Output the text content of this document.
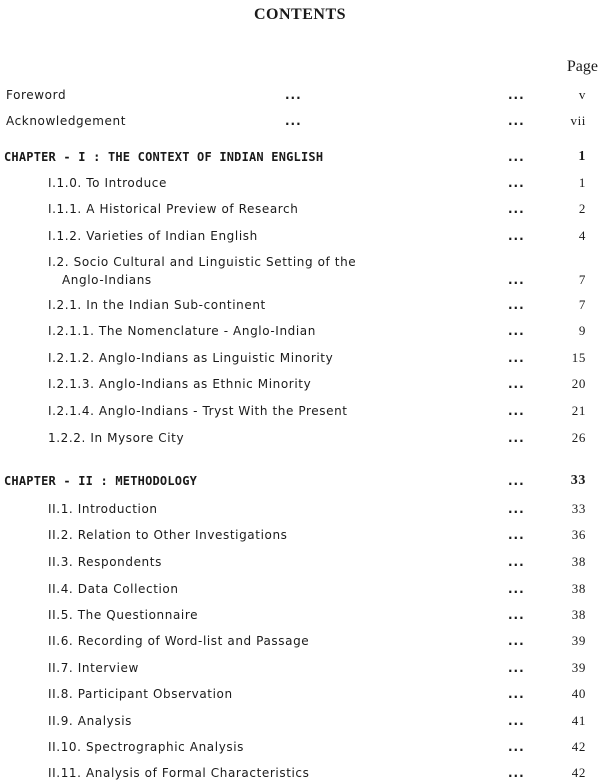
CONTENTS
Page
Foreword	...	...	v
Acknowledgement	...	...	vii
CHAPTER - I : THE CONTEXT OF INDIAN ENGLISH	...	1
I.1.0. To Introduce	...	1
I.1.1. A Historical Preview of Research	...	2
I.1.2. Varieties of Indian English	...	4
I.2. Socio Cultural and Linguistic Setting of the
Anglo-Indians	...	7
I.2.1. In the Indian Sub-continent	...	7
I.2.1.1. The Nomenclature - Anglo-Indian	...	9
I.2.1.2. Anglo-Indians as Linguistic Minority	...	15
I.2.1.3. Anglo-Indians as Ethnic Minority	...	20
I.2.1.4. Anglo-Indians - Tryst With the Present	...	21
1.2.2. In Mysore City	...	26
CHAPTER - II : METHODOLOGY	...	33
II.1. Introduction	...	33
II.2. Relation to Other Investigations	...	36
II.3. Respondents	...	38
II.4. Data Collection	...	38
II.5. The Questionnaire	...	38
II.6. Recording of Word-list and Passage	...	39
II.7. Interview	...	39
II.8. Participant Observation	...	40
II.9. Analysis	...	41
II.10. Spectrographic Analysis	...	42
II.11. Analysis of Formal Characteristics	...	42
